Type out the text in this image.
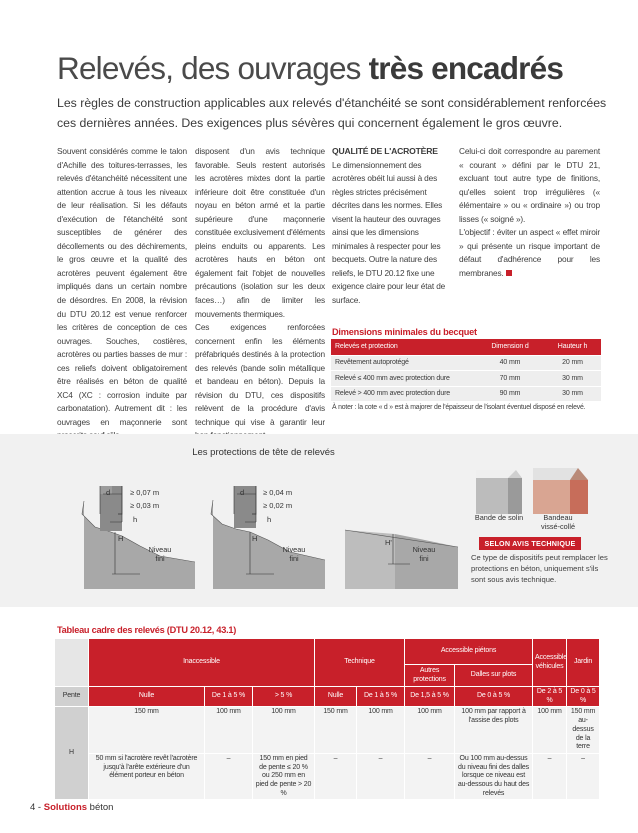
Relevés, des ouvrages très encadrés

Les règles de construction applicables aux relevés d'étanchéité se sont considérablement renforcées ces dernières années. Des exigences plus sévères qui concernent également le gros œuvre.

Souvent considérés comme le talon d'Achille des toitures-terrasses, les relevés d'étanchéité nécessitent une attention accrue à tous les niveaux de leur réalisation. Si les défauts d'exécution de l'étanchéité sont susceptibles de générer des décollements ou des déchirements, le gros œuvre et la qualité des acrotères peuvent également être impliqués dans un certain nombre de désordres. En 2008, la révision du DTU 20.12 est venue renforcer les critères de conception de ces ouvrages. Souches, costières, acrotères ou parties basses de mur : ces reliefs doivent obligatoirement être réalisés en béton de qualité XC4 (XC : corrosion induite par carbonatation). Autrement dit : les ouvrages en maçonnerie sont

disposent d'un avis technique favorable. Seuls restent autorisés les acrotères mixtes dont la partie inférieure doit être constituée d'un noyau en béton armé et la partie supérieure d'une maçonnerie constituée exclusivement d'éléments pleins enduits ou apparents. Les acrotères hauts en béton ont également fait l'objet de nouvelles précautions (isolation sur les deux faces…) afin de limiter les mouvements thermiques.

Ces exigences renforcées concernent enfin les éléments préfabriqués destinés à la protection des relevés (bande solin métallique et bandeau en béton). Depuis la révision du DTU, ces dispositifs relèvent de la procédure d'avis technique qui vise à garantir leur

QUALITÉ DE L'ACROTÈRE

Le dimensionnement des acrotères obéit lui aussi à des règles strictes précisément décrites dans les normes. Elles visent la hauteur des ouvrages ainsi que les dimensions minimales à respecter pour les becquets. Outre la nature des reliefs, le DTU 20.12 fixe une exigence claire pour leur état de surface.

Celui-ci doit correspondre au parement « courant » défini par le DTU 21, excluant tout autre type de finitions, qu'elles soient trop irrégulières (« élémentaire » ou « ordinaire ») ou trop lisses (« soigné »).

L'objectif : éviter un aspect « effet miroir » qui présente un risque important de défaut d'adhérence pour les membranes.

Dimensions minimales du becquet
Relevés et protection	Dimension d	Hauteur h
Revêtement autoprotégé	40 mm	20 mm
Relevé ≤ 400 mm avec protection dure	70 mm	30 mm
Relevé > 400 mm avec protection dure	90 mm	30 mm
À noter : la cote « d » est à majorer de l'épaisseur de l'isolant éventuel disposé en relevé.
Les protections de tête de relevés
d	≥ 0,07 m
≥ 0,03 m
h
H
Niveau
fini
d	≥ 0,04 m
≥ 0,02 m
h
H
Niveau
fini
H'
Niveau
fini
Bande de solin	Bandeau vissé-collé
SELON AVIS TECHNIQUE
Ce type de dispositifs peut remplacer les protections en béton, uniquement s'ils sont sous avis technique.
Tableau cadre des relevés (DTU 20.12, 43.1)
	Inaccessible			Technique		Accessible piétons		Accessible véhicules	Jardin
						Autres protections	Dalles sur plots		
Pente	Nulle	De 1 à 5 %	> 5 %	Nulle	De 1 à 5 %	De 1,5 à 5 %	De 0 à 5 %	De 2 à 5 %	De 0 à 5 %
H	150 mm	100 mm	100 mm	150 mm	100 mm	100 mm	100 mm par rapport à l'assise des plots	100 mm	150 mm au-dessus de la terre
	50 mm si l'acrotère revêt l'acrotère jusqu'à l'arête extérieure d'un élément porteur en béton	–	150 mm en pied de pente ≤ 20 % ou 250 mm en pied de pente > 20 %	–	–	–	Ou 100 mm au-dessus du niveau fini des dalles lorsque ce niveau est au-dessous du haut des relevés	–	–
4 - Solutions béton
